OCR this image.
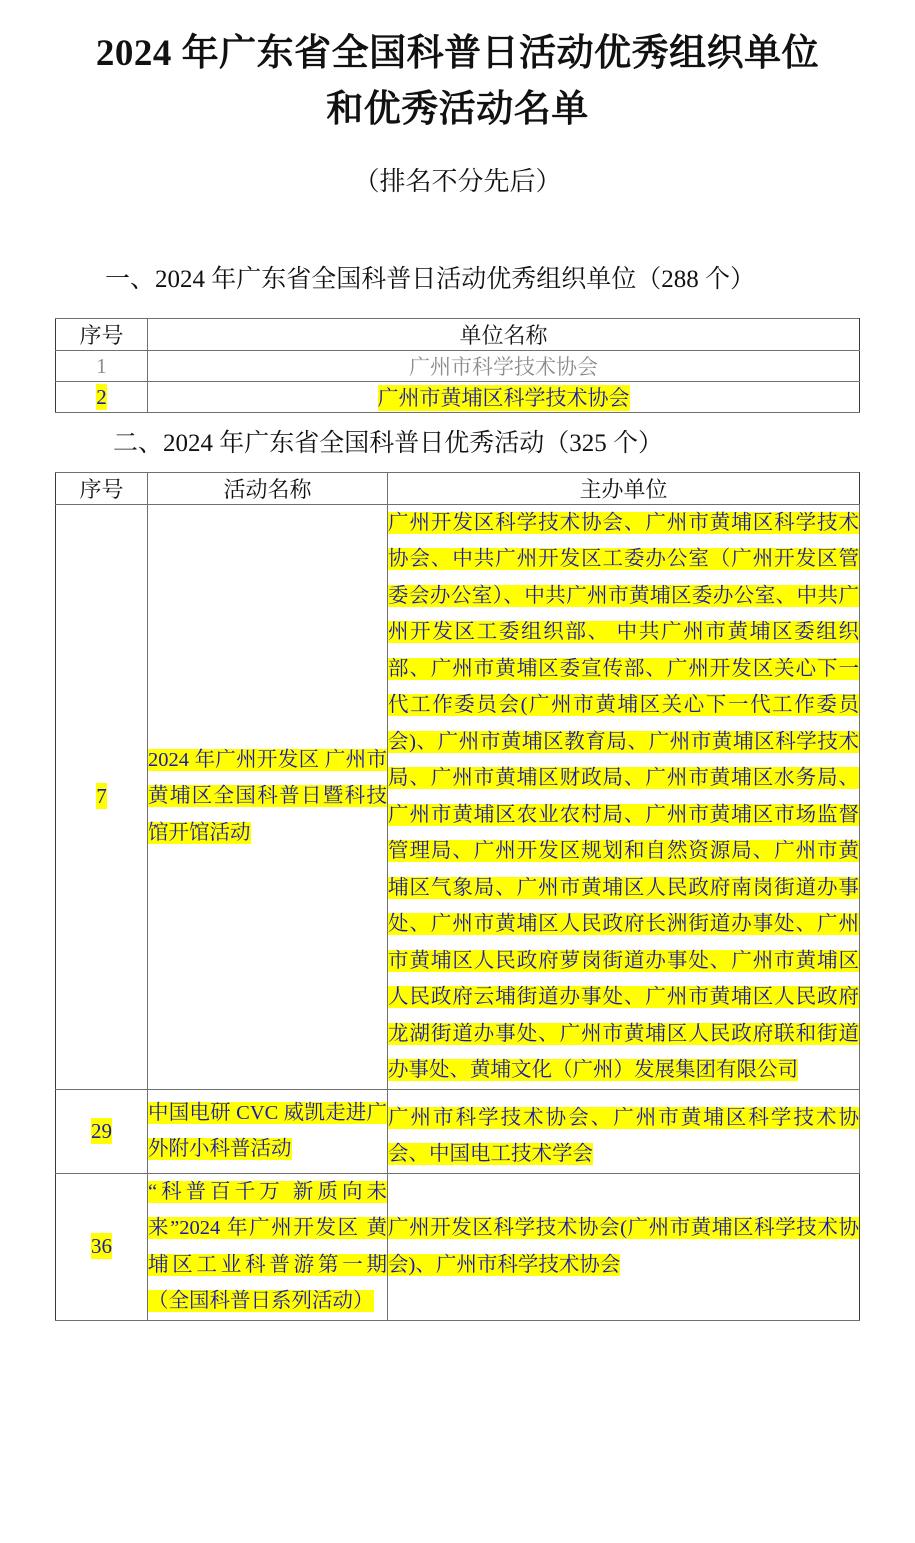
2024 年广东省全国科普日活动优秀组织单位
和优秀活动名单
（排名不分先后）
一、2024 年广东省全国科普日活动优秀组织单位（288 个）
序号	单位名称
1	广州市科学技术协会
2	广州市黄埔区科学技术协会
二、2024 年广东省全国科普日优秀活动（325 个）
序号	活动名称	主办单位
7	2024 年广州开发区 广州市黄埔区全国科普日暨科技馆开馆活动	广州开发区科学技术协会、广州市黄埔区科学技术协会、中共广州开发区工委办公室（广州开发区管委会办公室）、中共广州市黄埔区委办公室、中共广州开发区工委组织部、 中共广州市黄埔区委组织部、广州市黄埔区委宣传部、广州开发区关心下一代工作委员会(广州市黄埔区关心下一代工作委员会)、广州市黄埔区教育局、广州市黄埔区科学技术局、广州市黄埔区财政局、广州市黄埔区水务局、广州市黄埔区农业农村局、广州市黄埔区市场监督管理局、广州开发区规划和自然资源局、广州市黄埔区气象局、广州市黄埔区人民政府南岗街道办事处、广州市黄埔区人民政府长洲街道办事处、广州市黄埔区人民政府萝岗街道办事处、广州市黄埔区人民政府云埔街道办事处、广州市黄埔区人民政府龙湖街道办事处、广州市黄埔区人民政府联和街道办事处、黄埔文化（广州）发展集团有限公司
29	中国电研 CVC 威凯走进广外附小科普活动	广州市科学技术协会、广州市黄埔区科学技术协会、中国电工技术学会
36	“科普百千万 新质向未来”2024 年广州开发区 黄埔区工业科普游第一期（全国科普日系列活动）	广州开发区科学技术协会(广州市黄埔区科学技术协会)、广州市科学技术协会
